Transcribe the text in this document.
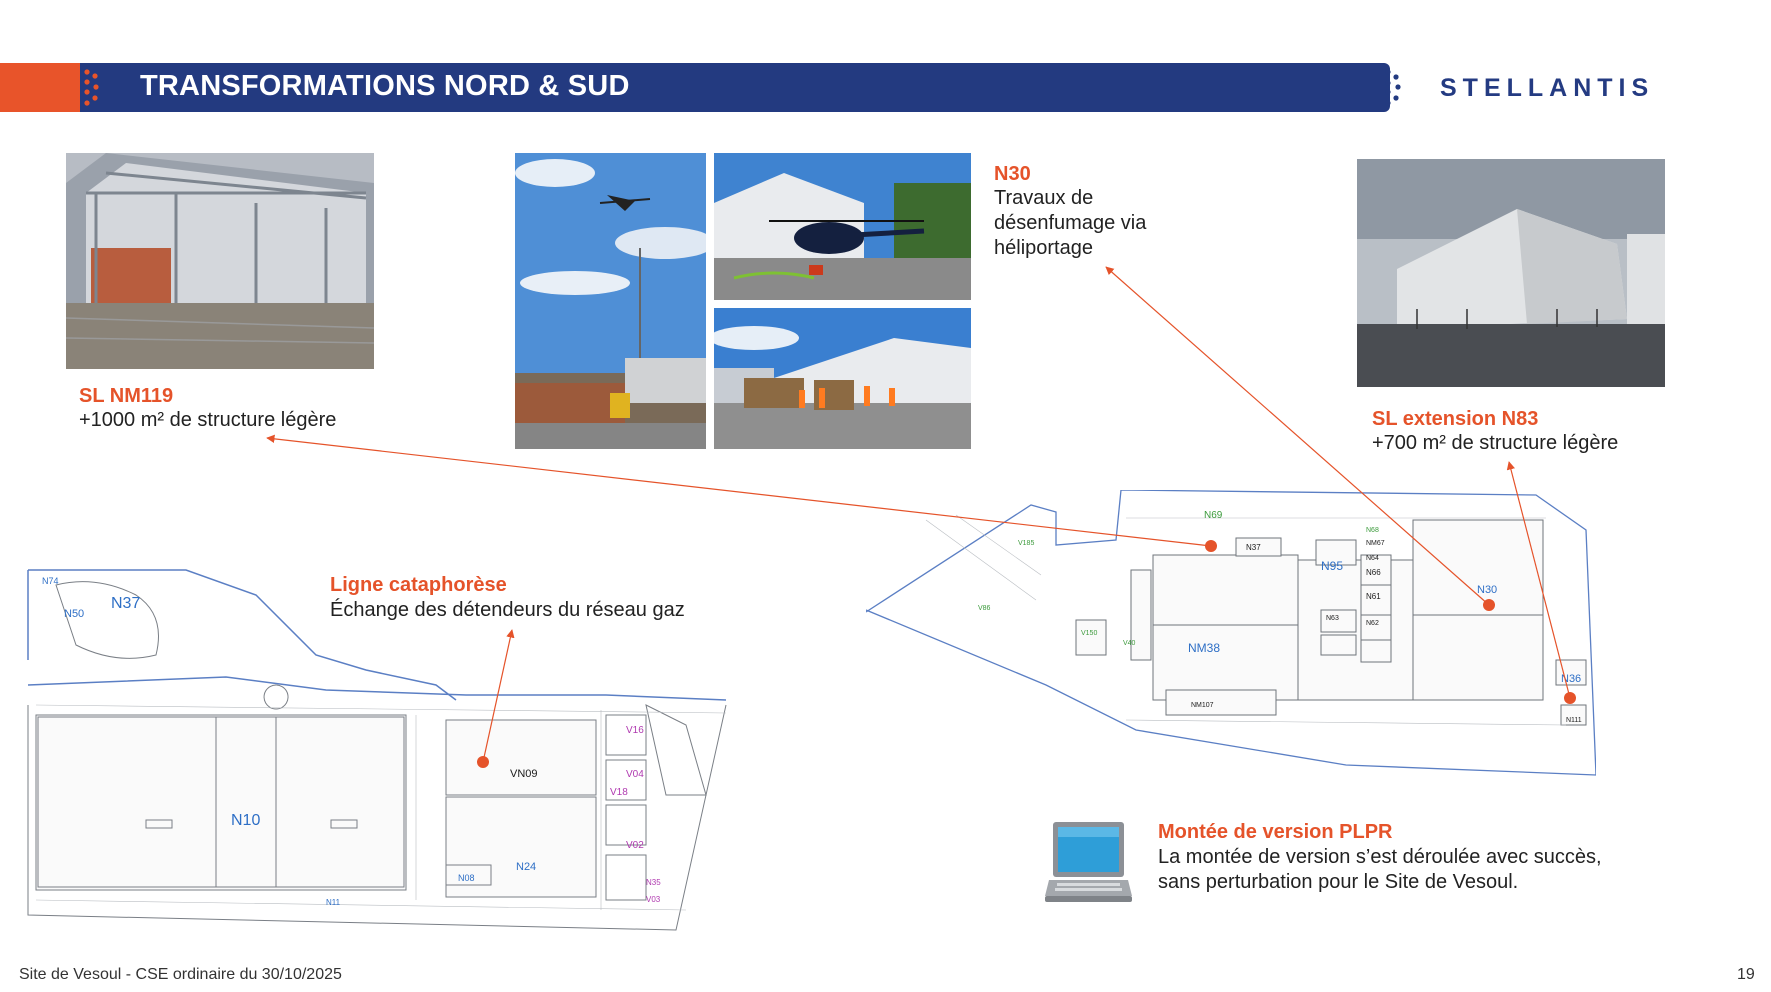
TRANSFORMATIONS NORD & SUD	STELLANTIS
SL NM119
+1000 m² de structure légère
N30
Travaux de
désenfumage via
héliportage
SL extension N83
+700 m² de structure légère
Ligne cataphorèse
Échange des détendeurs du réseau gaz
Montée de version PLPR
La montée de version s’est déroulée avec succès,
sans perturbation pour le Site de Vesoul.
N37
N50
N74
N10
VN09
N24
N08
V16
V04
V18
V02
N11
N35
V03
N30
NM38
N95
N36
N37
N66
NM107
N69
V185
N61
N64
N63
N62
N68
NM67
N111
V86
V150
V40
Site de Vesoul - CSE ordinaire du 30/10/2025	19
